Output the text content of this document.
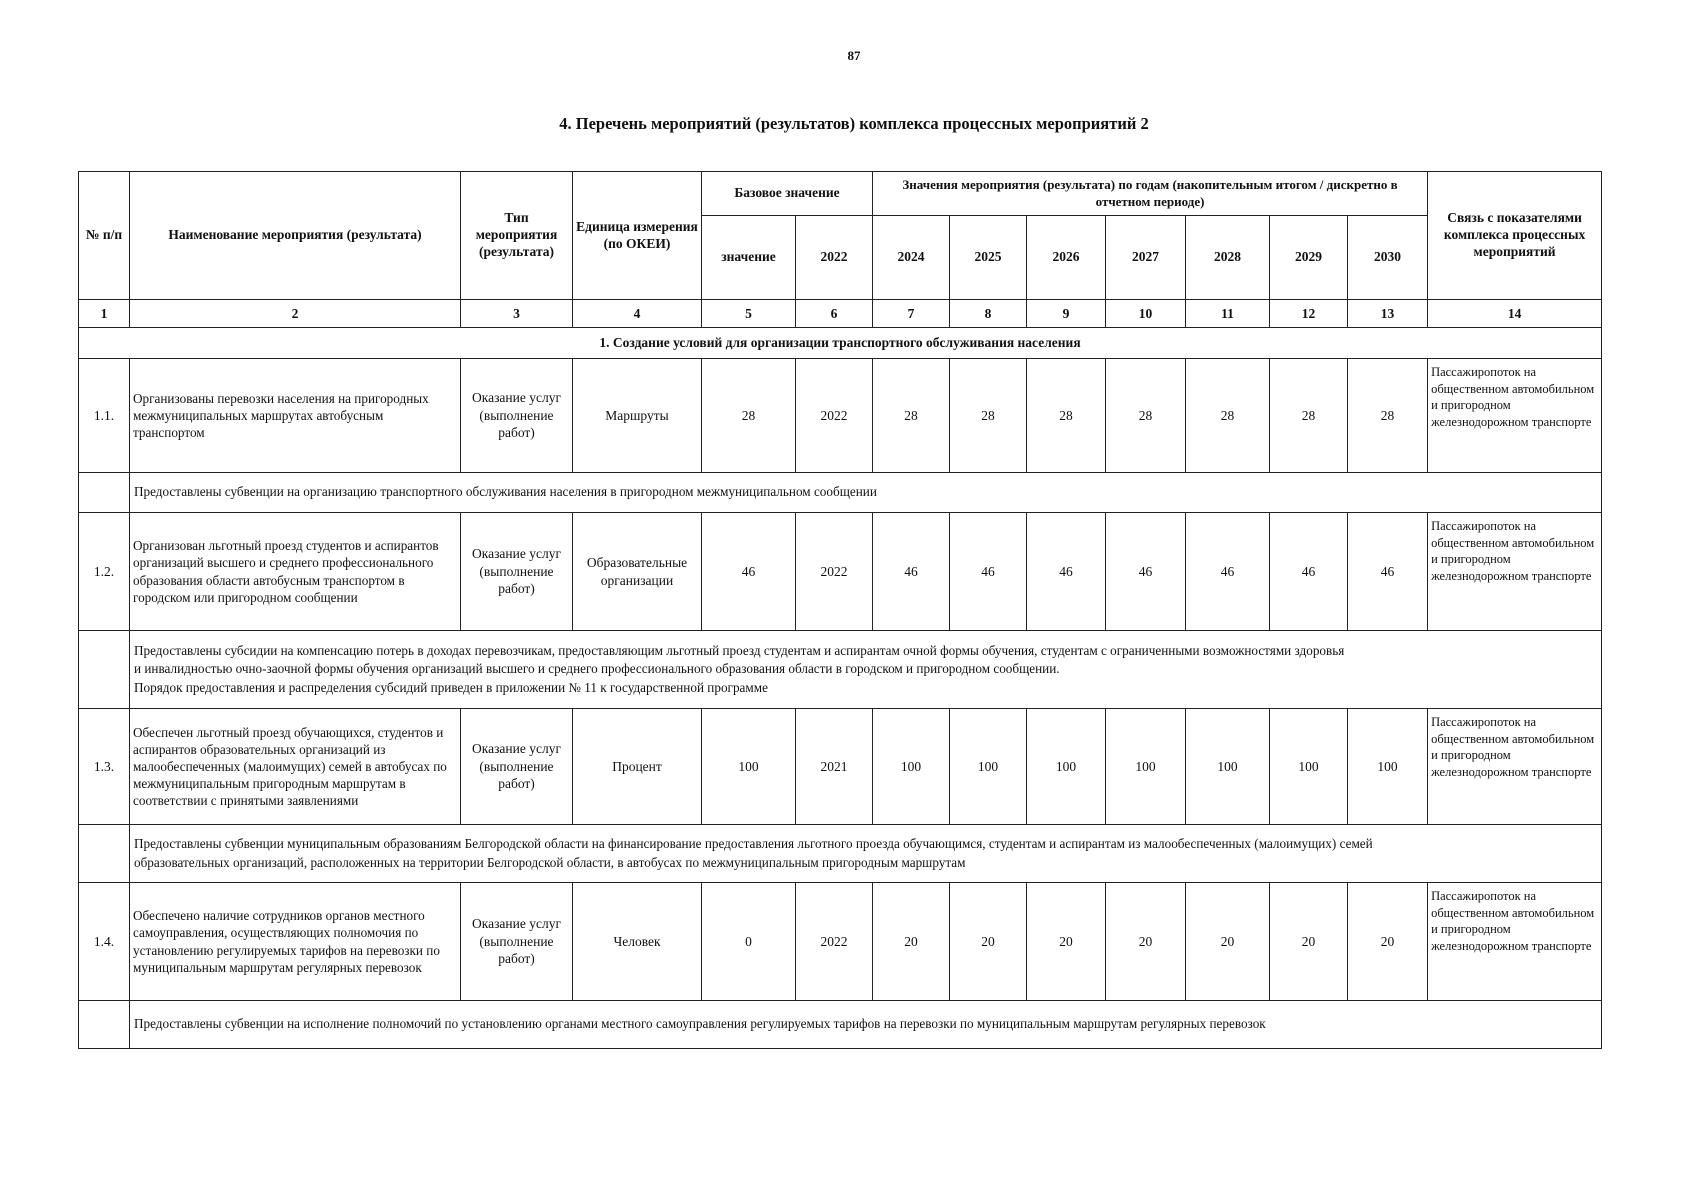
87
4. Перечень мероприятий (результатов) комплекса процессных мероприятий 2
№ п/п	Наименование мероприятия (результата)	Тип мероприятия (результата)	Единица измерения (по ОКЕИ)	Базовое значение		Значения мероприятия (результата) по годам (накопительным итогом / дискретно в отчетном периоде)							Связь с показателями комплекса процессных мероприятий
				значение	2022	2024	2025	2026	2027	2028	2029	2030	
1	2	3	4	5	6	7	8	9	10	11	12	13	14
1. Создание условий для организации транспортного обслуживания населения													
1.1.	Организованы перевозки населения на пригородных межмуниципальных маршрутах автобусным транспортом	Оказание услуг (выполнение работ)	Маршруты	28	2022	28	28	28	28	28	28	28	Пассажиропоток на общественном автомобильном и пригородном железнодорожном транспорте

	Предоставлены субвенции на организацию транспортного обслуживания населения в пригородном межмуниципальном сообщении												

1.2.	Организован льготный проезд студентов и аспирантов организаций высшего и среднего профессионального образования области автобусным транспортом в городском или пригородном сообщении	Оказание услуг (выполнение работ)	Образовательные организации	46	2022	46	46	46	46	46	46	46	Пассажиропоток на общественном автомобильном и пригородном железнодорожном транспорте

	Предоставлены субсидии на компенсацию потерь в доходах перевозчикам, предоставляющим льготный проезд студентам и аспирантам очной формы обучения, студентам с ограниченными возможностями здоровья
и инвалидностью очно-заочной формы обучения организаций высшего и среднего профессионального образования области в городском и пригородном сообщении.
Порядок предоставления и распределения субсидий приведен в приложении № 11 к государственной программе												

1.3.	Обеспечен льготный проезд обучающихся, студентов и аспирантов образовательных организаций из малообеспеченных (малоимущих) семей в автобусах по межмуниципальным пригородным маршрутам в соответствии с принятыми заявлениями	Оказание услуг (выполнение работ)	Процент	100	2021	100	100	100	100	100	100	100	Пассажиропоток на общественном автомобильном и пригородном железнодорожном транспорте

	Предоставлены субвенции муниципальным образованиям Белгородской области на финансирование предоставления льготного проезда обучающимся, студентам и аспирантам из малообеспеченных (малоимущих) семей
образовательных организаций, расположенных на территории Белгородской области, в автобусах по межмуниципальным пригородным маршрутам												

1.4.	Обеспечено наличие сотрудников органов местного самоуправления, осуществляющих полномочия по установлению регулируемых тарифов на перевозки по муниципальным маршрутам регулярных перевозок	Оказание услуг (выполнение работ)	Человек	0	2022	20	20	20	20	20	20	20	Пассажиропоток на общественном автомобильном и пригородном железнодорожном транспорте

	Предоставлены субвенции на исполнение полномочий по установлению органами местного самоуправления регулируемых тарифов на перевозки по муниципальным маршрутам регулярных перевозок												
